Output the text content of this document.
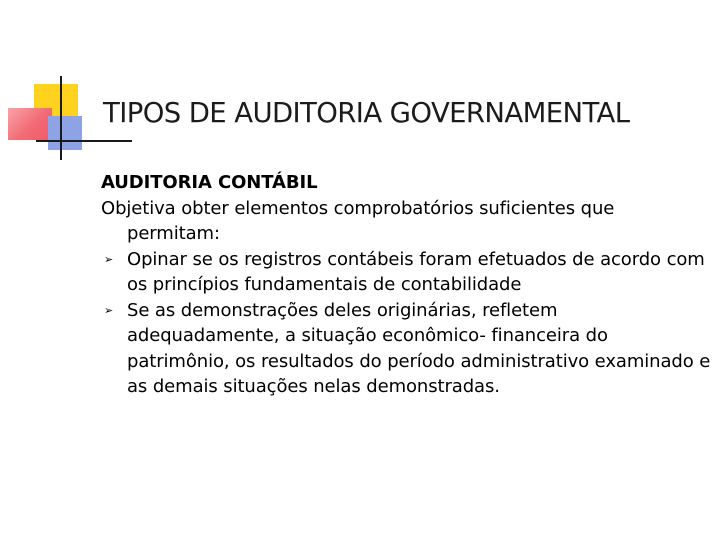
TIPOS DE AUDITORIA GOVERNAMENTAL

AUDITORIA CONTÁBIL

Objetiva obter elementos comprobatórios suficientes que permitam:

➢ Opinar se os registros contábeis foram efetuados de acordo com os princípios fundamentais de contabilidade
➢ Se as demonstrações deles originárias, refletem adequadamente, a situação econômico- financeira do patrimônio, os resultados do período administrativo examinado e as demais situações nelas demonstradas.
